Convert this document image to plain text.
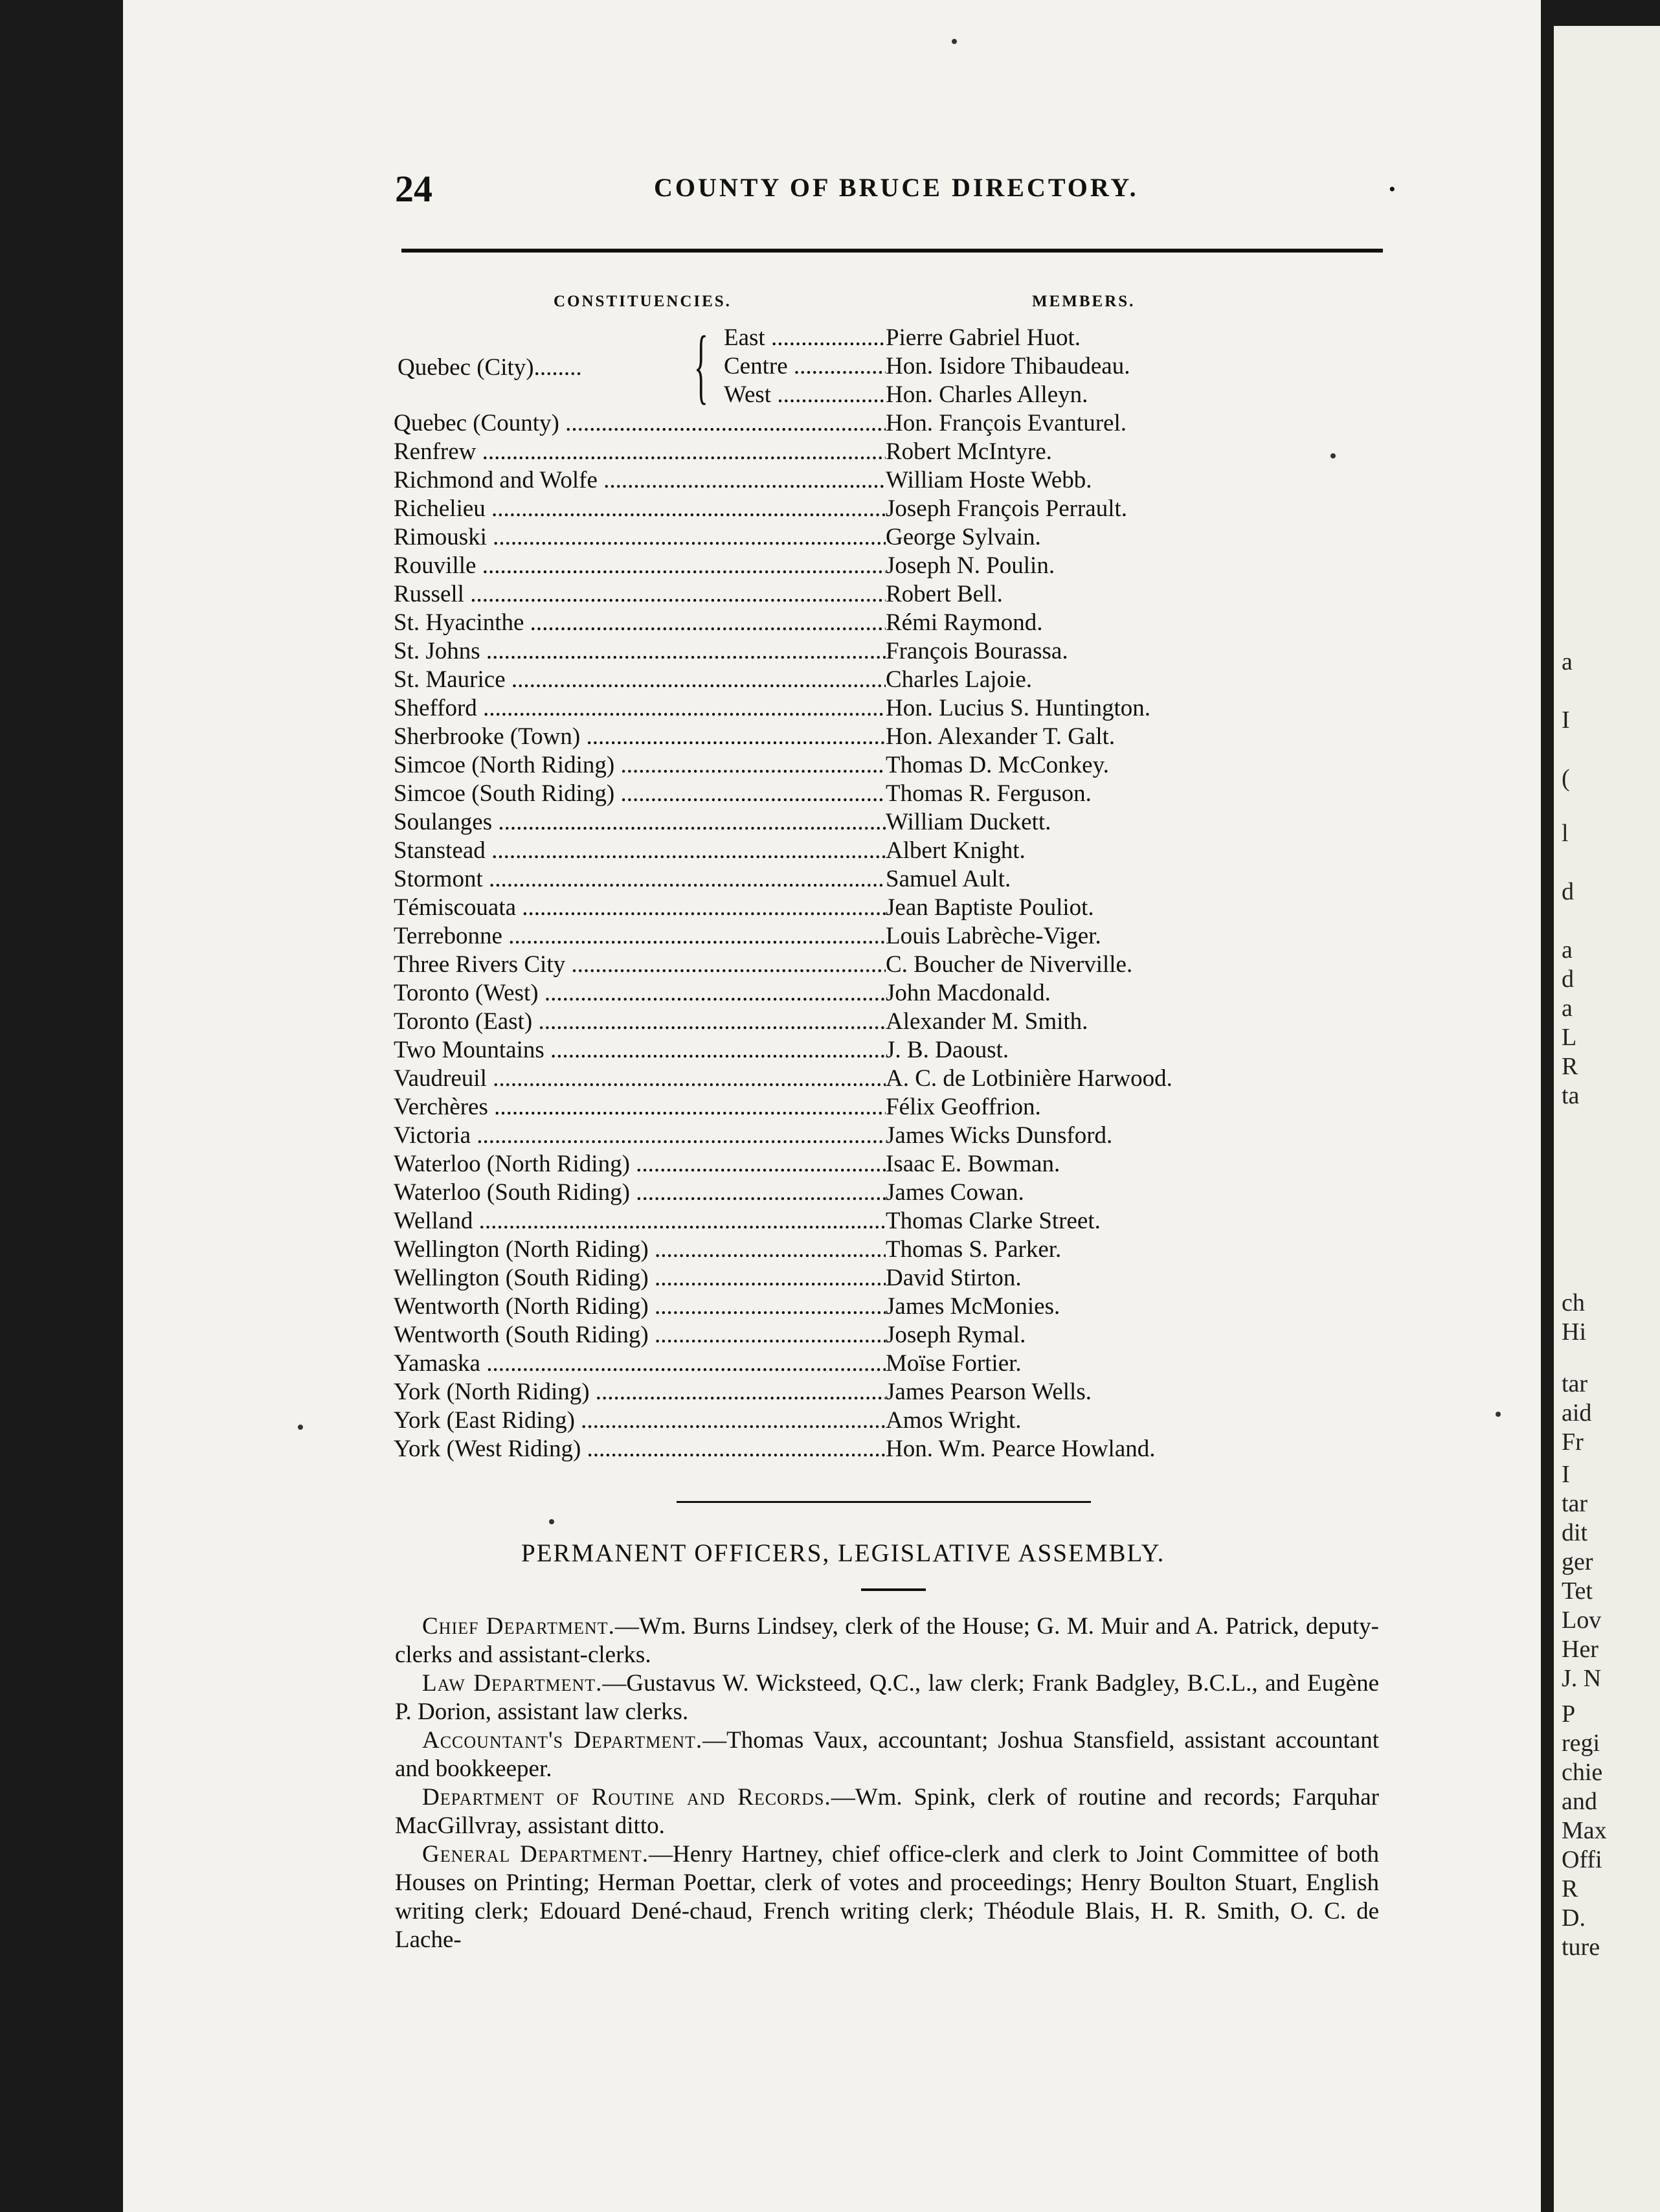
24	COUNTY OF BRUCE DIRECTORY.	•
CONSTITUENCIES.	MEMBERS.
Quebec (City) ........	{ East .....	Pierre Gabriel Huot.
Centre .....	Hon. Isidore Thibaudeau.
West .....	Hon. Charles Alleyn.
Quebec (County) .....	Hon. François Evanturel.
Renfrew .....	Robert McIntyre.
Richmond and Wolfe .....	William Hoste Webb.
Richelieu .....	Joseph François Perrault.
Rimouski .....	George Sylvain.
Rouville .....	Joseph N. Poulin.
Russell .....	Robert Bell.
St. Hyacinthe .....	Rémi Raymond.
St. Johns .....	François Bourassa.
St. Maurice .....	Charles Lajoie.
Shefford .....	Hon. Lucius S. Huntington.
Sherbrooke (Town) .....	Hon. Alexander T. Galt.
Simcoe (North Riding) .....	Thomas D. McConkey.
Simcoe (South Riding) .....	Thomas R. Ferguson.
Soulanges .....	William Duckett.
Stanstead .....	Albert Knight.
Stormont .....	Samuel Ault.
Témiscouata .....	Jean Baptiste Pouliot.
Terrebonne .....	Louis Labrèche-Viger.
Three Rivers City .....	C. Boucher de Niverville.
Toronto (West) .....	John Macdonald.
Toronto (East) .....	Alexander M. Smith.
Two Mountains .....	J. B. Daoust.
Vaudreuil .....	A. C. de Lotbinière Harwood.
Verchères .....	Félix Geoffrion.
Victoria .....	James Wicks Dunsford.
Waterloo (North Riding) .....	Isaac E. Bowman.
Waterloo (South Riding) .....	James Cowan.
Welland .....	Thomas Clarke Street.
Wellington (North Riding) .....	Thomas S. Parker.
Wellington (South Riding) .....	David Stirton.
Wentworth (North Riding) .....	James McMonies.
Wentworth (South Riding) .....	Joseph Rymal.
Yamaska .....	Moïse Fortier.
York (North Riding) .....	James Pearson Wells.
York (East Riding) .....	Amos Wright.
York (West Riding) .....	Hon. Wm. Pearce Howland.
PERMANENT OFFICERS, LEGISLATIVE ASSEMBLY.
Chief Department.—Wm. Burns Lindsey, clerk of the House; G. M. Muir and A. Patrick, deputy-clerks and assistant-clerks.
Law Department.—Gustavus W. Wicksteed, Q.C., law clerk; Frank Badgley, B.C.L., and Eugène P. Dorion, assistant law clerks.
Accountant's Department.—Thomas Vaux, accountant; Joshua Stansfield, assistant accountant and bookkeeper.
Department of Routine and Records.—Wm. Spink, clerk of routine and records; Farquhar MacGillvray, assistant ditto.
General Department.—Henry Hartney, chief office-clerk and clerk to Joint Committee of both Houses on Printing; Herman Poettar, clerk of votes and proceedings; Henry Boulton Stuart, English writing clerk; Edouard Dené-chaud, French writing clerk; Théodule Blais, H. R. Smith, O. C. de Lache-
a
I
(
l
d
a
d
a
L
R
ta
ch
Hi
tar
aid
Fr
I
tar
dit
ger
Tet
Lov
Her
J. N
P
regi
chie
and
Max
Offi
R
D.
ture
